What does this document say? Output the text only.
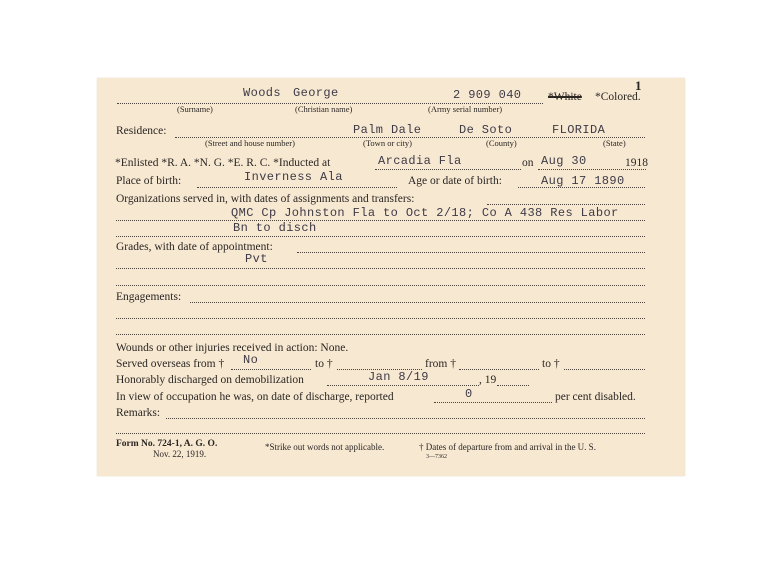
1
Woods George	2 909 040 *White *Colored.
(Surname)	(Christian name)	(Army serial number)
Residence:	Palm Dale	De Soto	FLORIDA
(Street and house number)	(Town or city)	(County)	(State)
*Enlisted *R. A. *N. G. *E. R. C. *Inducted at	Arcadia Fla	on Aug 30	1918
Place of birth:	Inverness Ala	Age or date of birth:	Aug 17 1890
Organizations served in, with dates of assignments and transfers:
QMC Cp Johnston Fla to Oct 2/18; Co A 438 Res Labor
Bn to disch
Grades, with date of appointment:
Pvt
Engagements:
Wounds or other injuries received in action: None.
Served overseas from † No	to †	from †	to †
Honorably discharged on demobilization	Jan 8/19	, 19
In view of occupation he was, on date of discharge, reported	0	per cent disabled.
Remarks:
Form No. 724-1, A. G. O.
Nov. 22, 1919.
*Strike out words not applicable.	† Dates of departure from and arrival in the U. S.
3—7362
